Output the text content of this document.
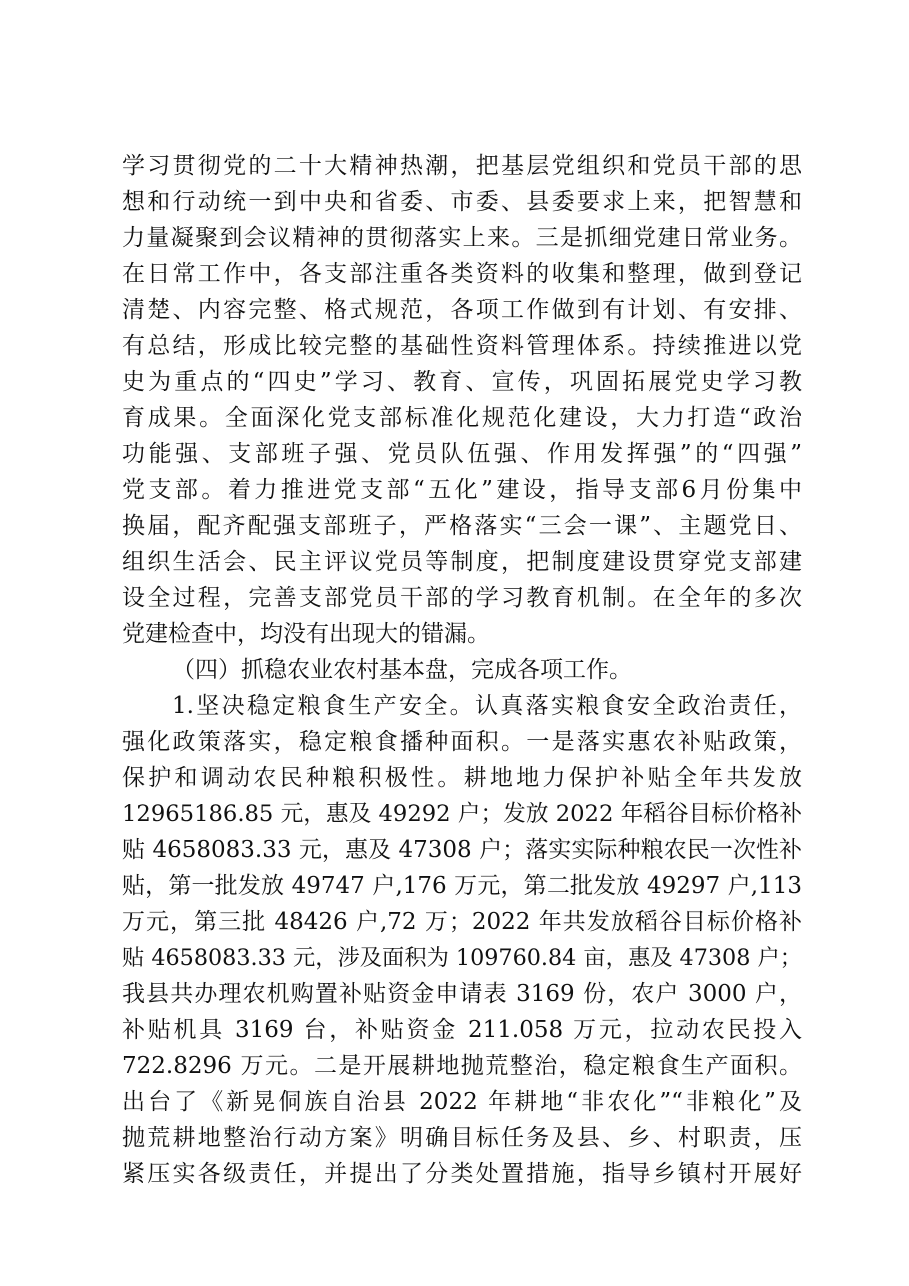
学习贯彻党的二十大精神热潮，把基层党组织和党员干部的思
想和行动统一到中央和省委、市委、县委要求上来，把智慧和
力量凝聚到会议精神的贯彻落实上来。三是抓细党建日常业务。
在日常工作中，各支部注重各类资料的收集和整理，做到登记
清楚、内容完整、格式规范，各项工作做到有计划、有安排、
有总结，形成比较完整的基础性资料管理体系。持续推进以党
史为重点的“四史”学习、教育、宣传，巩固拓展党史学习教
育成果。全面深化党支部标准化规范化建设，大力打造“政治
功能强、支部班子强、党员队伍强、作用发挥强”的“四强”
党支部。着力推进党支部“五化”建设，指导支部6月份集中
换届，配齐配强支部班子，严格落实“三会一课”、主题党日、
组织生活会、民主评议党员等制度，把制度建设贯穿党支部建
设全过程，完善支部党员干部的学习教育机制。在全年的多次
党建检查中，均没有出现大的错漏。
（四）抓稳农业农村基本盘，完成各项工作。
1.坚决稳定粮食生产安全。认真落实粮食安全政治责任，
强化政策落实，稳定粮食播种面积。一是落实惠农补贴政策，
保护和调动农民种粮积极性。耕地地力保护补贴全年共发放
12965186.85 元，惠及 49292 户；发放 2022 年稻谷目标价格补
贴 4658083.33 元，惠及 47308 户；落实实际种粮农民一次性补
贴，第一批发放 49747 户,176 万元，第二批发放 49297 户,113
万元，第三批 48426 户,72 万；2022 年共发放稻谷目标价格补
贴 4658083.33 元，涉及面积为 109760.84 亩，惠及 47308 户；
我县共办理农机购置补贴资金申请表 3169 份，农户 3000 户，
补贴机具 3169 台，补贴资金 211.058 万元，拉动农民投入
722.8296 万元。二是开展耕地抛荒整治，稳定粮食生产面积。
出台了《新晃侗族自治县 2022 年耕地“非农化”“非粮化”及
抛荒耕地整治行动方案》明确目标任务及县、乡、村职责，压
紧压实各级责任，并提出了分类处置措施，指导乡镇村开展好
